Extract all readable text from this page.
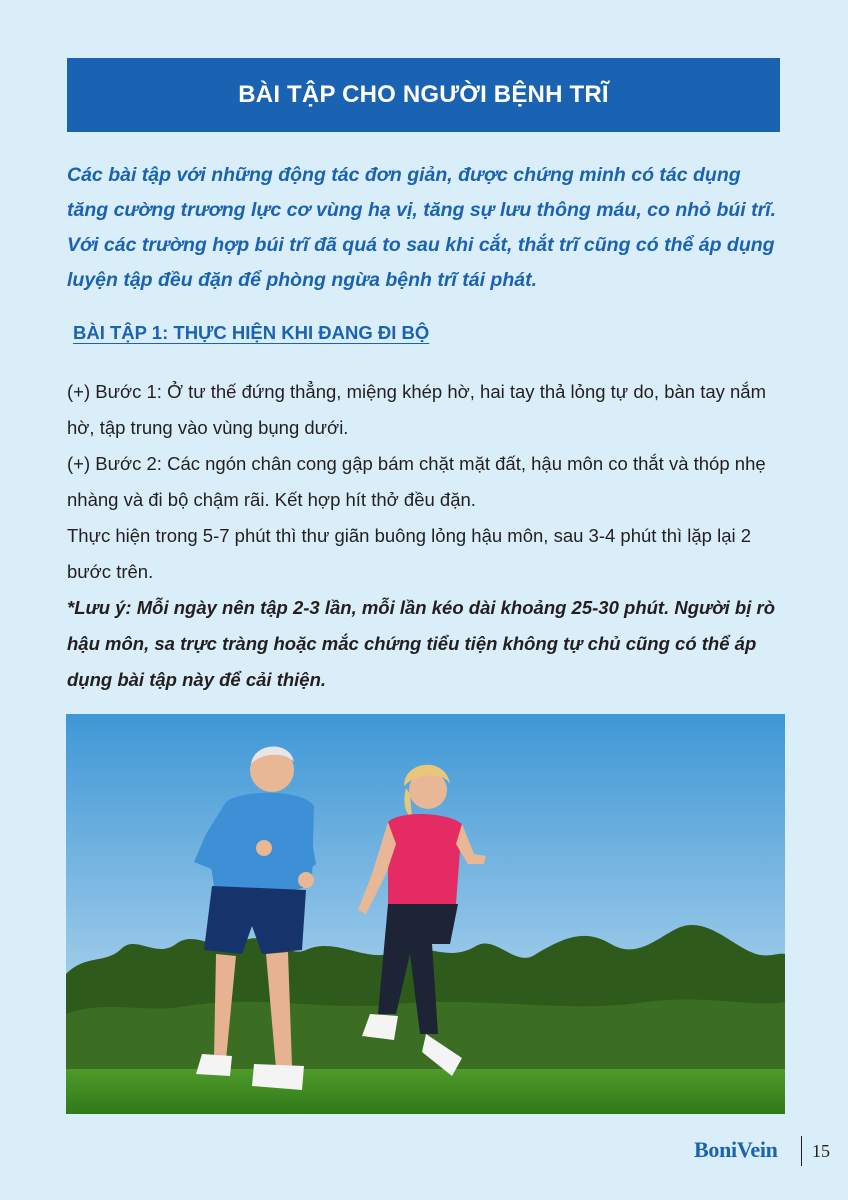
BÀI TẬP CHO NGƯỜI BỆNH TRĨ

Các bài tập với những động tác đơn giản, được chứng minh có tác dụng tăng cường trương lực cơ vùng hạ vị, tăng sự lưu thông máu, co nhỏ búi trĩ. Với các trường hợp búi trĩ đã quá to sau khi cắt, thắt trĩ cũng có thể áp dụng luyện tập đều đặn để phòng ngừa bệnh trĩ tái phát.

BÀI TẬP 1: THỰC HIỆN KHI ĐANG ĐI BỘ

(+) Bước 1: Ở tư thế đứng thẳng, miệng khép hờ, hai tay thả lỏng tự do, bàn tay nắm hờ, tập trung vào vùng bụng dưới.

(+) Bước 2: Các ngón chân cong gập bám chặt mặt đất, hậu môn co thắt và thóp nhẹ nhàng và đi bộ chậm rãi. Kết hợp hít thở đều đặn.

Thực hiện trong 5-7 phút thì thư giãn buông lỏng hậu môn, sau 3-4 phút thì lặp lại 2 bước trên.

*Lưu ý: Mỗi ngày nên tập 2-3 lần, mỗi lần kéo dài khoảng 25-30 phút. Người bị rò hậu môn, sa trực tràng hoặc mắc chứng tiểu tiện không tự chủ cũng có thể áp dụng bài tập này để cải thiện.

BoniVein 15
